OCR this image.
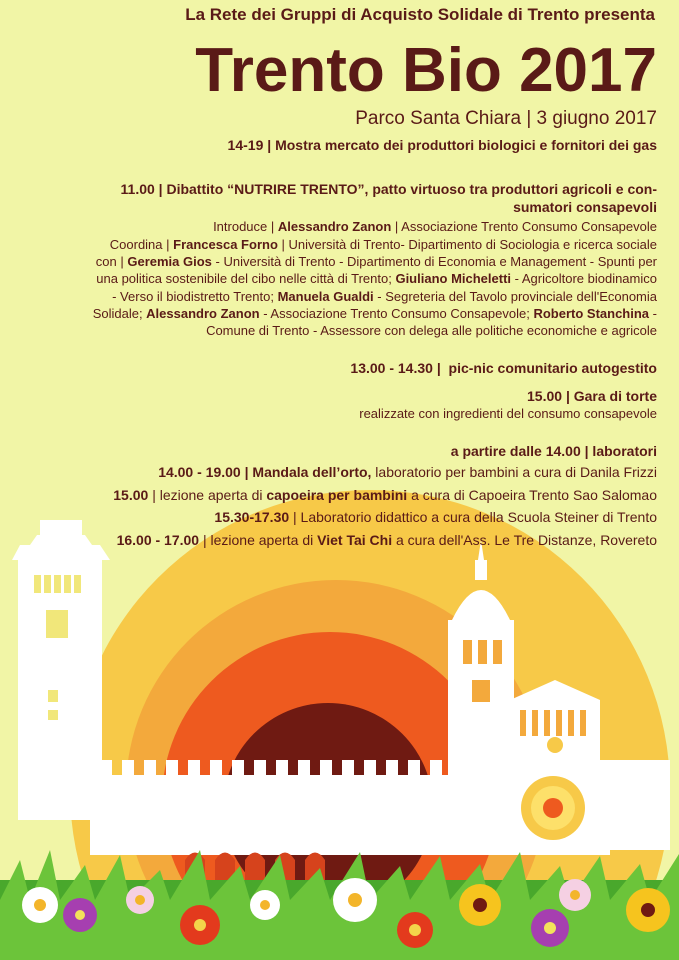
La Rete dei Gruppi di Acquisto Solidale di Trento presenta
Trento Bio 2017
Parco Santa Chiara | 3 giugno 2017
14-19 | Mostra mercato dei produttori biologici e fornitori dei gas
11.00 | Dibattito “NUTRIRE TRENTO”, patto virtuoso tra produttori agricoli e con-
sumatori consapevoli
Introduce | Alessandro Zanon | Associazione Trento Consumo Consapevole
Coordina | Francesca Forno | Università di Trento- Dipartimento di Sociologia e ricerca sociale
con | Geremia Gios - Università di Trento - Dipartimento di Economia e Management - Spunti per
una politica sostenibile del cibo nelle città di Trento; Giuliano Micheletti - Agricoltore biodinamico
- Verso il biodistretto Trento; Manuela Gualdi - Segreteria del Tavolo provinciale dell'Economia
Solidale; Alessandro Zanon - Associazione Trento Consumo Consapevole; Roberto Stanchina -
Comune di Trento - Assessore con delega alle politiche economiche e agricole
13.00 - 14.30 | pic-nic comunitario autogestito
15.00 | Gara di torte
realizzate con ingredienti del consumo consapevole
a partire dalle 14.00 | laboratori
14.00 - 19.00 | Mandala dell’orto, laboratorio per bambini a cura di Danila Frizzi
15.00 | lezione aperta di capoeira per bambini a cura di Capoeira Trento Sao Salomao
15.30-17.30 | Laboratorio didattico a cura della Scuola Steiner di Trento
16.00 - 17.00 | lezione aperta di Viet Tai Chi a cura dell'Ass. Le Tre Distanze, Rovereto
